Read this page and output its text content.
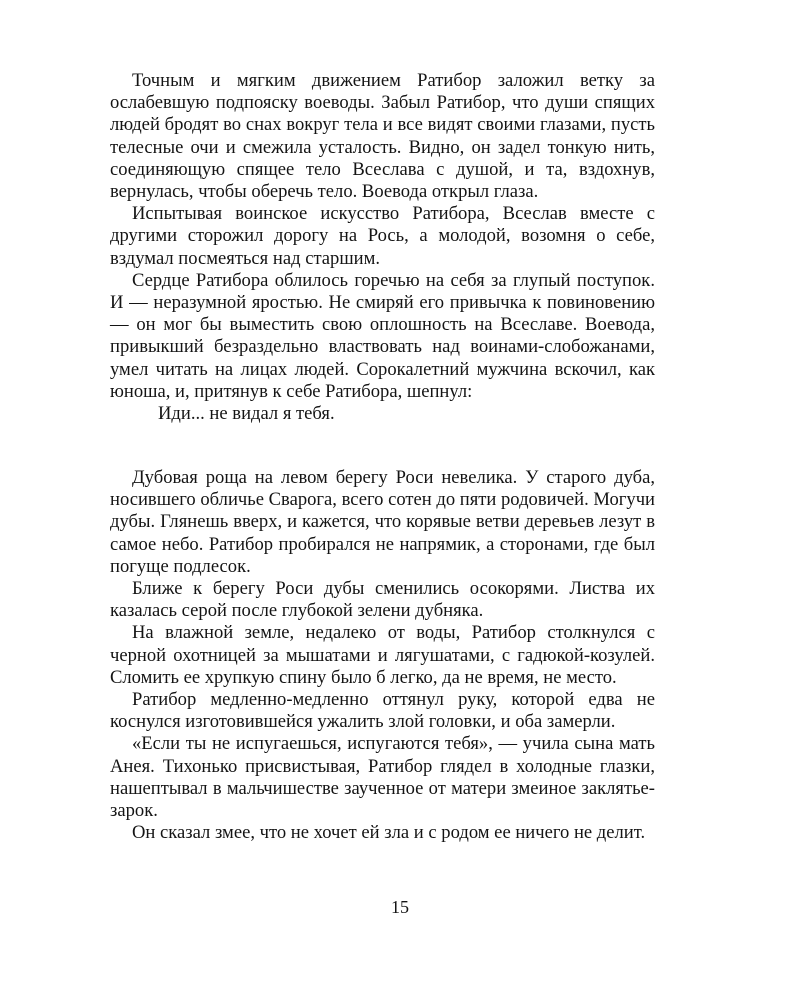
Точным и мягким движением Ратибор заложил ветку за ослабевшую подпояску воеводы. Забыл Ратибор, что души спящих людей бродят во снах вокруг тела и все видят своими глазами, пусть телесные очи и смежила усталость. Видно, он задел тонкую нить, соединяющую спящее тело Всеслава с душой, и та, вздохнув, вернулась, чтобы оберечь тело. Воевода открыл глаза.

Испытывая воинское искусство Ратибора, Всеслав вместе с другими сторожил дорогу на Рось, а молодой, возомня о себе, вздумал посмеяться над старшим.

Сердце Ратибора облилось горечью на себя за глупый поступок. И — неразумной яростью. Не смиряй его привычка к повиновению — он мог бы выместить свою оплошность на Всеславе. Воевода, привыкший безраздельно властвовать над воинами-слобожанами, умел читать на лицах людей. Сорокалетний мужчина вскочил, как юноша, и, притянув к себе Ратибора, шепнул:

Иди... не видал я тебя.

Дубовая роща на левом берегу Роси невелика. У старого дуба, носившего обличье Сварога, всего сотен до пяти родовичей. Могучи дубы. Глянешь вверх, и кажется, что корявые ветви деревьев лезут в самое небо. Ратибор пробирался не напрямик, а сторонами, где был погуще подлесок.

Ближе к берегу Роси дубы сменились осокорями. Листва их казалась серой после глубокой зелени дубняка.

На влажной земле, недалеко от воды, Ратибор столкнулся с черной охотницей за мышатами и лягушатами, с гадюкой-козулей. Сломить ее хрупкую спину было б легко, да не время, не место.

Ратибор медленно-медленно оттянул руку, которой едва не коснулся изготовившейся ужалить злой головки, и оба замерли.

«Если ты не испугаешься, испугаются тебя», — учила сына мать Анея. Тихонько присвистывая, Ратибор глядел в холодные глазки, нашептывал в мальчишестве заученное от матери змеиное заклятье-зарок.

Он сказал змее, что не хочет ей зла и с родом ее ничего не делит.

15
